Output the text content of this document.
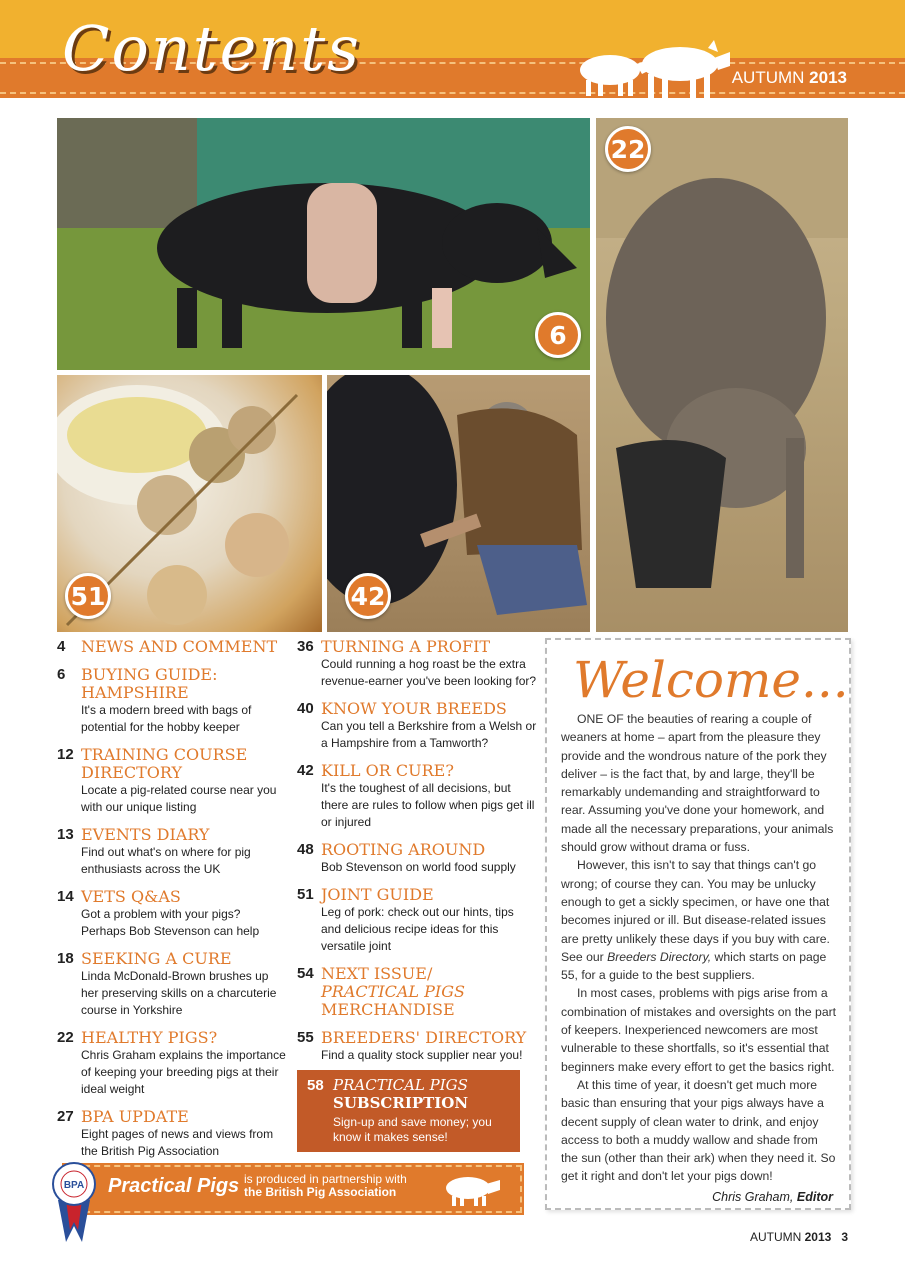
Contents	AUTUMN 2013
6
22
51	42
4 NEWS AND COMMENT
6 BUYING GUIDE: HAMPSHIRE
It's a modern breed with bags of potential for the hobby keeper
12 TRAINING COURSE DIRECTORY
Locate a pig-related course near you with our unique listing
13 EVENTS DIARY
Find out what's on where for pig enthusiasts across the UK
14 VETS Q&AS
Got a problem with your pigs? Perhaps Bob Stevenson can help
18 SEEKING A CURE
Linda McDonald-Brown brushes up her preserving skills on a charcuterie course in Yorkshire
22 HEALTHY PIGS?
Chris Graham explains the importance of keeping your breeding pigs at their ideal weight
27 BPA UPDATE
Eight pages of news and views from the British Pig Association
36 TURNING A PROFIT
Could running a hog roast be the extra revenue-earner you've been looking for?
40 KNOW YOUR BREEDS
Can you tell a Berkshire from a Welsh or a Hampshire from a Tamworth?
42 KILL OR CURE?
It's the toughest of all decisions, but there are rules to follow when pigs get ill or injured
48 ROOTING AROUND
Bob Stevenson on world food supply
51 JOINT GUIDE
Leg of pork: check out our hints, tips and delicious recipe ideas for this versatile joint
54 NEXT ISSUE/
PRACTICAL PIGS
MERCHANDISE
55 BREEDERS' DIRECTORY
Find a quality stock supplier near you!
58 PRACTICAL PIGS
SUBSCRIPTION
Sign-up and save money; you know it makes sense!
Welcome...

ONE OF the beauties of rearing a couple of weaners at home – apart from the pleasure they provide and the wondrous nature of the pork they deliver – is the fact that, by and large, they'll be remarkably undemanding and straightforward to rear. Assuming you've done your homework, and made all the necessary preparations, your animals should grow without drama or fuss.

However, this isn't to say that things can't go wrong; of course they can. You may be unlucky enough to get a sickly specimen, or have one that becomes injured or ill. But disease-related issues are pretty unlikely these days if you buy with care. See our Breeders Directory, which starts on page 55, for a guide to the best suppliers.

In most cases, problems with pigs arise from a combination of mistakes and oversights on the part of keepers. Inexperienced newcomers are most vulnerable to these shortfalls, so it's essential that beginners make every effort to get the basics right.

At this time of year, it doesn't get much more basic than ensuring that your pigs always have a decent supply of clean water to drink, and enjoy access to both a muddy wallow and shade from the sun (other than their ark) when they need it. So get it right and don't let your pigs down!

Chris Graham, Editor
Practical Pigs is produced in partnership with
the British Pig Association
BPA
AUTUMN 2013 3
